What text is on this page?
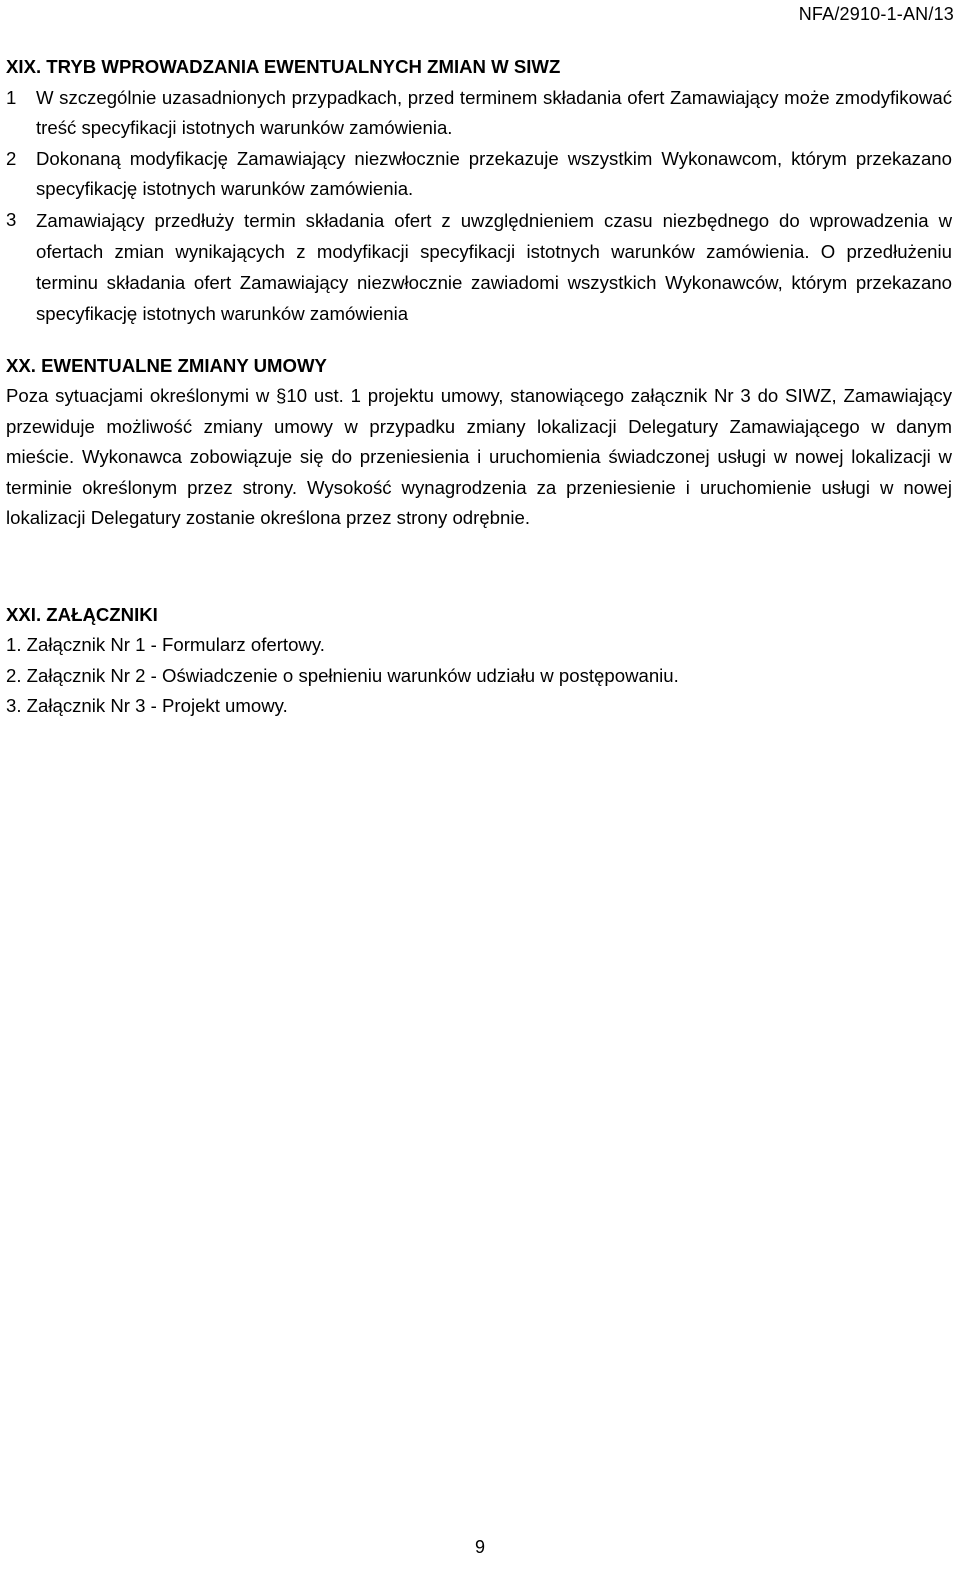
NFA/2910-1-AN/13
XIX. TRYB WPROWADZANIA EWENTUALNYCH ZMIAN W SIWZ
1	W szczególnie uzasadnionych przypadkach, przed terminem składania ofert Zamawiający może zmodyfikować treść specyfikacji istotnych warunków zamówienia.
2	Dokonaną modyfikację Zamawiający niezwłocznie przekazuje wszystkim Wykonawcom, którym przekazano specyfikację istotnych warunków zamówienia.
3	Zamawiający przedłuży termin składania ofert z uwzględnieniem czasu niezbędnego do wprowadzenia w ofertach zmian wynikających z modyfikacji specyfikacji istotnych warunków zamówienia. O przedłużeniu terminu składania ofert Zamawiający niezwłocznie zawiadomi wszystkich Wykonawców, którym przekazano specyfikację istotnych warunków zamówienia
XX. EWENTUALNE ZMIANY UMOWY
Poza sytuacjami określonymi w §10 ust. 1 projektu umowy, stanowiącego załącznik Nr 3 do SIWZ, Zamawiający przewiduje możliwość zmiany umowy w przypadku zmiany lokalizacji Delegatury Zamawiającego w danym mieście. Wykonawca zobowiązuje się do przeniesienia i uruchomienia świadczonej usługi w nowej lokalizacji w terminie określonym przez strony. Wysokość wynagrodzenia za przeniesienie i uruchomienie usługi w nowej lokalizacji Delegatury zostanie określona przez strony odrębnie.
XXI. ZAŁĄCZNIKI
1. Załącznik Nr 1 - Formularz ofertowy.
2. Załącznik Nr 2 - Oświadczenie o spełnieniu warunków udziału w postępowaniu.
3. Załącznik Nr 3 - Projekt umowy.
9
